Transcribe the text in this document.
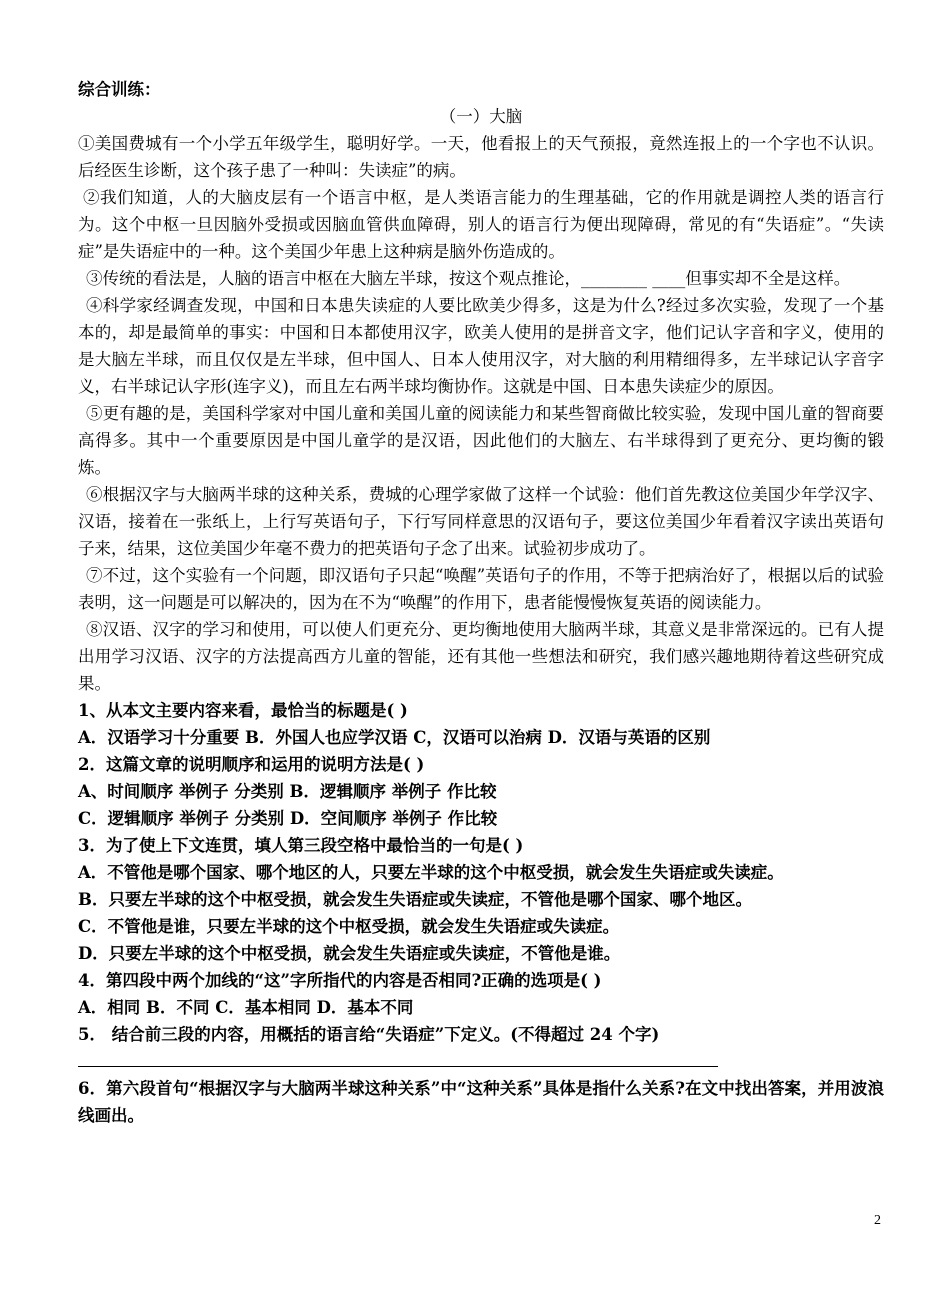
综合训练：

（一）大脑

①美国费城有一个小学五年级学生，聪明好学。一天，他看报上的天气预报，竟然连报上的一个字也不认识。后经医生诊断，这个孩子患了一种叫：失读症”的病。

②我们知道，人的大脑皮层有一个语言中枢，是人类语言能力的生理基础，它的作用就是调控人类的语言行为。这个中枢一旦因脑外受损或因脑血管供血障碍，别人的语言行为便出现障碍，常见的有“失语症”。“失读症”是失语症中的一种。这个美国少年患上这种病是脑外伤造成的。

③传统的看法是，人脑的语言中枢在大脑左半球，按这个观点推论，________ ____但事实却不全是这样。

④科学家经调查发现，中国和日本患失读症的人要比欧美少得多，这是为什么?经过多次实验，发现了一个基本的，却是最简单的事实：中国和日本都使用汉字，欧美人使用的是拼音文字，他们记认字音和字义，使用的是大脑左半球，而且仅仅是左半球，但中国人、日本人使用汉字，对大脑的利用精细得多，左半球记认字音字义，右半球记认字形(连字义)，而且左右两半球均衡协作。这就是中国、日本患失读症少的原因。

⑤更有趣的是，美国科学家对中国儿童和美国儿童的阅读能力和某些智商做比较实验，发现中国儿童的智商要高得多。其中一个重要原因是中国儿童学的是汉语，因此他们的大脑左、右半球得到了更充分、更均衡的锻炼。

⑥根据汉字与大脑两半球的这种关系，费城的心理学家做了这样一个试验：他们首先教这位美国少年学汉字、汉语，接着在一张纸上，上行写英语句子，下行写同样意思的汉语句子，要这位美国少年看着汉字读出英语句子来，结果，这位美国少年毫不费力的把英语句子念了出来。试验初步成功了。

⑦不过，这个实验有一个问题，即汉语句子只起“唤醒”英语句子的作用，不等于把病治好了，根据以后的试验表明，这一问题是可以解决的，因为在不为“唤醒”的作用下，患者能慢慢恢复英语的阅读能力。

⑧汉语、汉字的学习和使用，可以使人们更充分、更均衡地使用大脑两半球，其意义是非常深远的。已有人提出用学习汉语、汉字的方法提高西方儿童的智能，还有其他一些想法和研究，我们感兴趣地期待着这些研究成果。

1、从本文主要内容来看，最恰当的标题是( )

A．汉语学习十分重要 B．外国人也应学汉语 C，汉语可以治病 D．汉语与英语的区别

2．这篇文章的说明顺序和运用的说明方法是( )

A、时间顺序 举例子 分类别 B．逻辑顺序 举例子 作比较

C．逻辑顺序 举例子 分类别 D．空间顺序 举例子 作比较

3．为了使上下文连贯，填人第三段空格中最恰当的一句是( )

A．不管他是哪个国家、哪个地区的人，只要左半球的这个中枢受损，就会发生失语症或失读症。

B．只要左半球的这个中枢受损，就会发生失语症或失读症，不管他是哪个国家、哪个地区。

C．不管他是谁，只要左半球的这个中枢受损，就会发生失语症或失读症。

D．只要左半球的这个中枢受损，就会发生失语症或失读症，不管他是谁。

4．第四段中两个加线的“这”字所指代的内容是否相同?正确的选项是( )

A．相同 B．不同 C．基本相同 D．基本不同

5． 结合前三段的内容，用概括的语言给“失语症”下定义。(不得超过 24 个字)

6．第六段首句“根据汉字与大脑两半球这种关系”中“这种关系”具体是指什么关系?在文中找出答案，并用波浪线画出。

2
